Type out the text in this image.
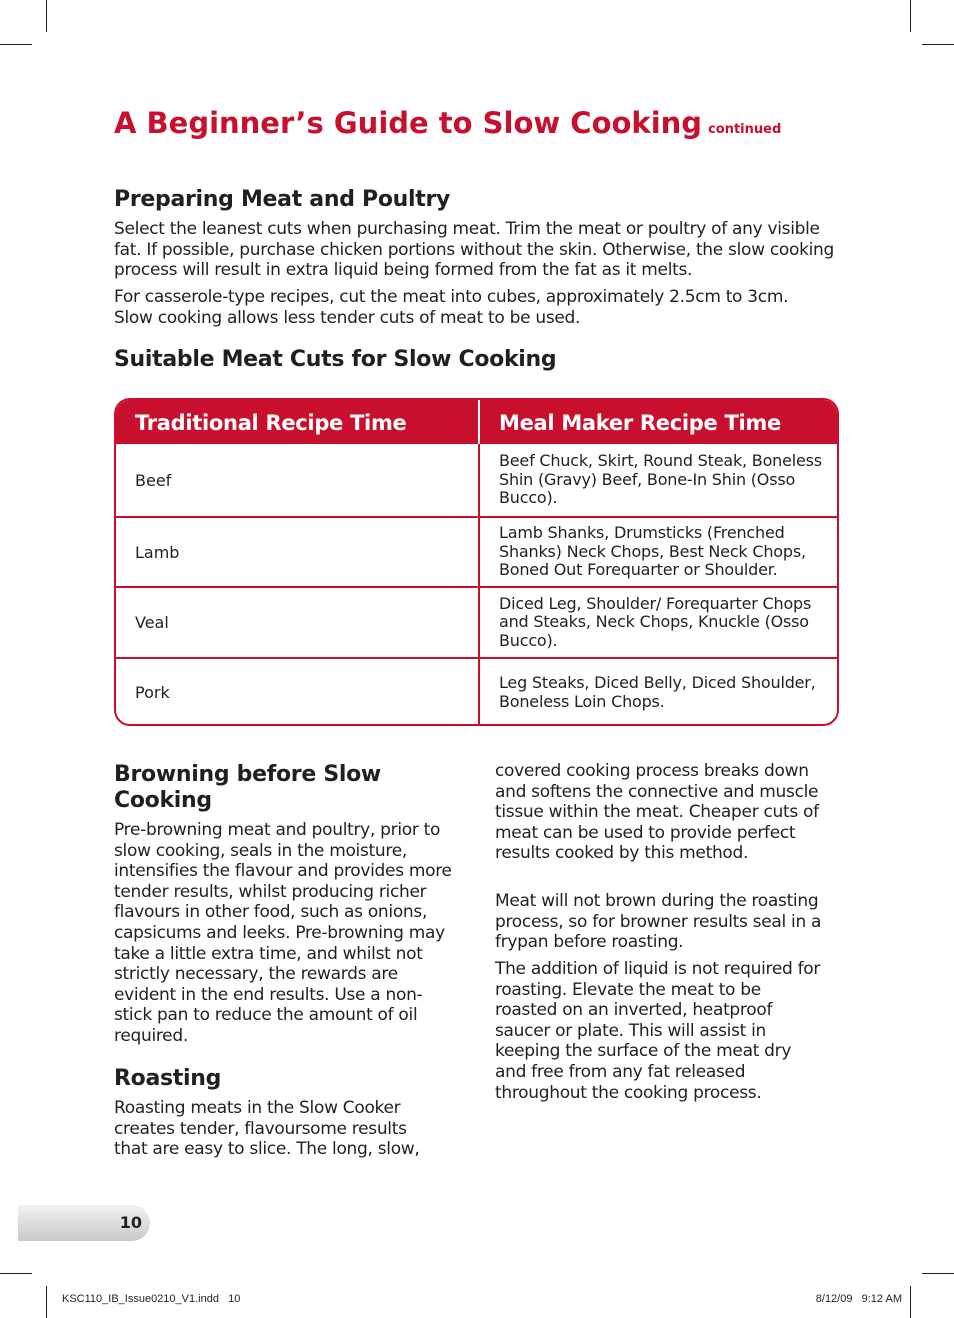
A Beginner’s Guide to Slow Cooking continued
Preparing Meat and Poultry

Select the leanest cuts when purchasing meat. Trim the meat or poultry of any visible fat. If possible, purchase chicken portions without the skin. Otherwise, the slow cooking process will result in extra liquid being formed from the fat as it melts.

For casserole-type recipes, cut the meat into cubes, approximately 2.5cm to 3cm. Slow cooking allows less tender cuts of meat to be used.

Suitable Meat Cuts for Slow Cooking
Traditional Recipe Time	Meal Maker Recipe Time
Beef
Beef Chuck, Skirt, Round Steak, Boneless Shin (Gravy) Beef, Bone-In Shin (Osso Bucco).
Lamb
Lamb Shanks, Drumsticks (Frenched Shanks) Neck Chops, Best Neck Chops, Boned Out Forequarter or Shoulder.
Veal
Diced Leg, Shoulder/ Forequarter Chops and Steaks, Neck Chops, Knuckle (Osso Bucco).
Pork
Leg Steaks, Diced Belly, Diced Shoulder, Boneless Loin Chops.
Browning before Slow Cooking

Pre-browning meat and poultry, prior to slow cooking, seals in the moisture, intensifies the flavour and provides more tender results, whilst producing richer flavours in other food, such as onions, capsicums and leeks. Pre-browning may take a little extra time, and whilst not strictly necessary, the rewards are evident in the end results. Use a non-stick pan to reduce the amount of oil required.

Roasting

Roasting meats in the Slow Cooker creates tender, flavoursome results that are easy to slice. The long, slow,

covered cooking process breaks down and softens the connective and muscle tissue within the meat. Cheaper cuts of meat can be used to provide perfect results cooked by this method.

Meat will not brown during the roasting process, so for browner results seal in a frypan before roasting.

The addition of liquid is not required for roasting. Elevate the meat to be roasted on an inverted, heatproof saucer or plate. This will assist in keeping the surface of the meat dry and free from any fat released throughout the cooking process.

10
KSC110_IB_Issue0210_V1.indd   10	8/12/09   9:12 AM
